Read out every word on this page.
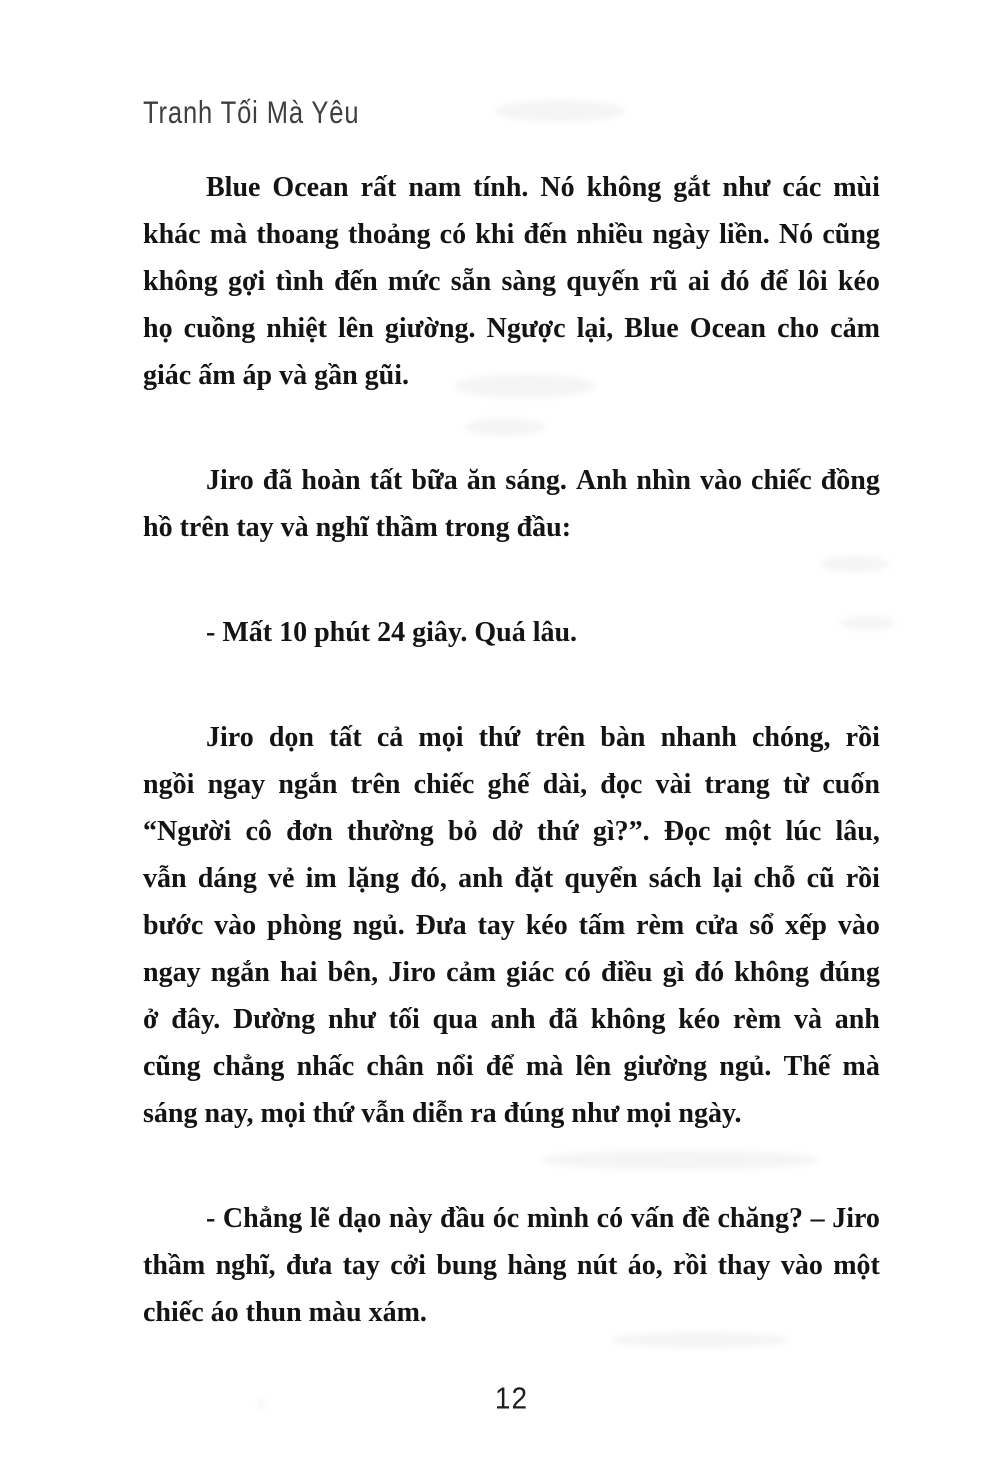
Tranh Tối Mà Yêu
Blue Ocean rất nam tính. Nó không gắt như các mùi
khác mà thoang thoảng có khi đến nhiều ngày liền. Nó cũng
không gợi tình đến mức sẵn sàng quyến rũ ai đó để lôi kéo
họ cuồng nhiệt lên giường. Ngược lại, Blue Ocean cho cảm
giác ấm áp và gần gũi.
Jiro đã hoàn tất bữa ăn sáng. Anh nhìn vào chiếc đồng
hồ trên tay và nghĩ thầm trong đầu:
- Mất 10 phút 24 giây. Quá lâu.
Jiro dọn tất cả mọi thứ trên bàn nhanh chóng, rồi
ngồi ngay ngắn trên chiếc ghế dài, đọc vài trang từ cuốn
“Người cô đơn thường bỏ dở thứ gì?”. Đọc một lúc lâu,
vẫn dáng vẻ im lặng đó, anh đặt quyển sách lại chỗ cũ rồi
bước vào phòng ngủ. Đưa tay kéo tấm rèm cửa sổ xếp vào
ngay ngắn hai bên, Jiro cảm giác có điều gì đó không đúng
ở đây. Dường như tối qua anh đã không kéo rèm và anh
cũng chẳng nhấc chân nổi để mà lên giường ngủ. Thế mà
sáng nay, mọi thứ vẫn diễn ra đúng như mọi ngày.
- Chẳng lẽ dạo này đầu óc mình có vấn đề chăng? – Jiro
thầm nghĩ, đưa tay cởi bung hàng nút áo, rồi thay vào một
chiếc áo thun màu xám.
12
